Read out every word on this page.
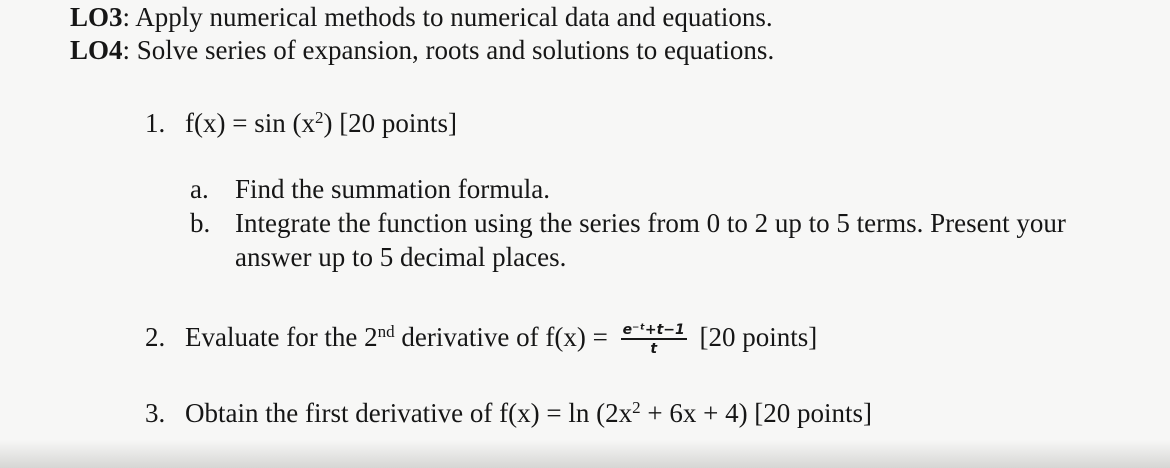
LO3: Apply numerical methods to numerical data and equations.
LO4: Solve series of expansion, roots and solutions to equations.
1. $f(x) = \sin (x^2)$ [20 points]
a. Find the summation formula.
b. Integrate the function using the series from 0 to 2 up to 5 terms. Present your
answer up to 5 decimal places.
2. Evaluate for the 2nd derivative of $f(x) = \frac{\text{e⁻ᵗ+t−1}}{t} [20$ points]
3. Obtain the first derivative of $f(x) = \ln (2x^2 + 6x + 4)$ [20 points]
